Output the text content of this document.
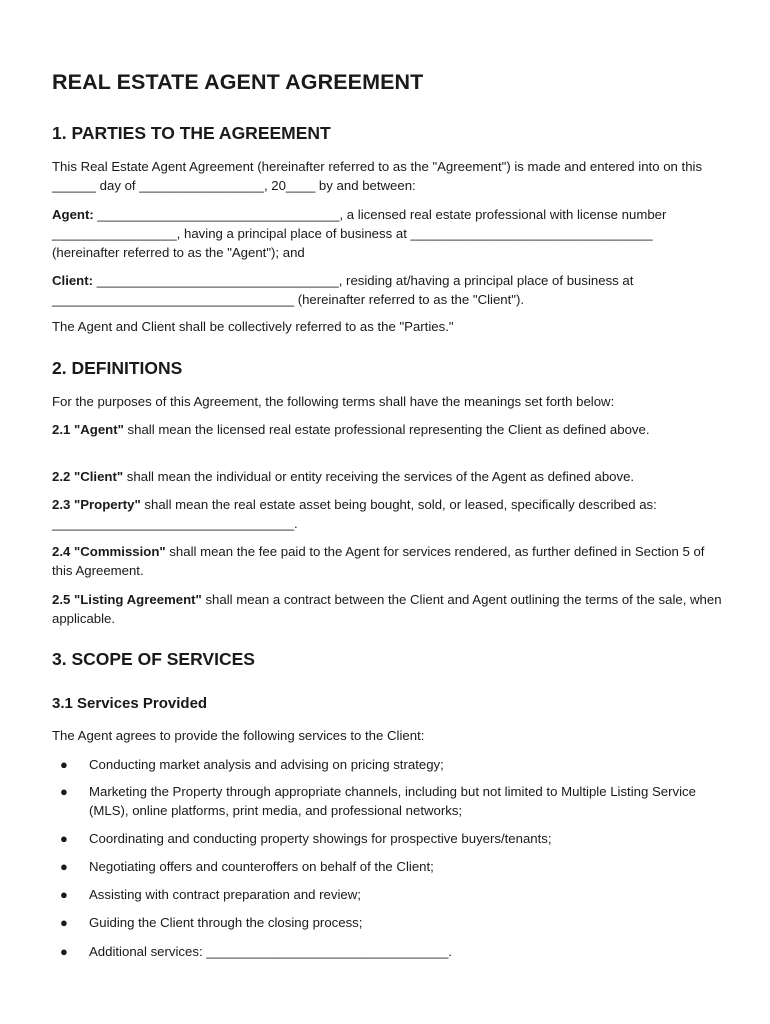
REAL ESTATE AGENT AGREEMENT
1. PARTIES TO THE AGREEMENT

This Real Estate Agent Agreement (hereinafter referred to as the "Agreement") is made and entered into on this ______ day of _________________, 20____ by and between:

Agent: _________________________________, a licensed real estate professional with license number _________________, having a principal place of business at _________________________________ (hereinafter referred to as the "Agent"); and

Client: _________________________________, residing at/having a principal place of business at _________________________________ (hereinafter referred to as the "Client").

The Agent and Client shall be collectively referred to as the "Parties."

2. DEFINITIONS

For the purposes of this Agreement, the following terms shall have the meanings set forth below:

2.1 "Agent" shall mean the licensed real estate professional representing the Client as defined above.

2.2 "Client" shall mean the individual or entity receiving the services of the Agent as defined above.

2.3 "Property" shall mean the real estate asset being bought, sold, or leased, specifically described as: _________________________________.

2.4 "Commission" shall mean the fee paid to the Agent for services rendered, as further defined in Section 5 of this Agreement.

2.5 "Listing Agreement" shall mean a contract between the Client and Agent outlining the terms of the sale, when applicable.

3. SCOPE OF SERVICES
3.1 Services Provided

The Agent agrees to provide the following services to the Client:

● Conducting market analysis and advising on pricing strategy;
● Marketing the Property through appropriate channels, including but not limited to Multiple Listing Service (MLS), online platforms, print media, and professional networks;
● Coordinating and conducting property showings for prospective buyers/tenants;
● Negotiating offers and counteroffers on behalf of the Client;
● Assisting with contract preparation and review;
● Guiding the Client through the closing process;
● Additional services: _________________________________.
